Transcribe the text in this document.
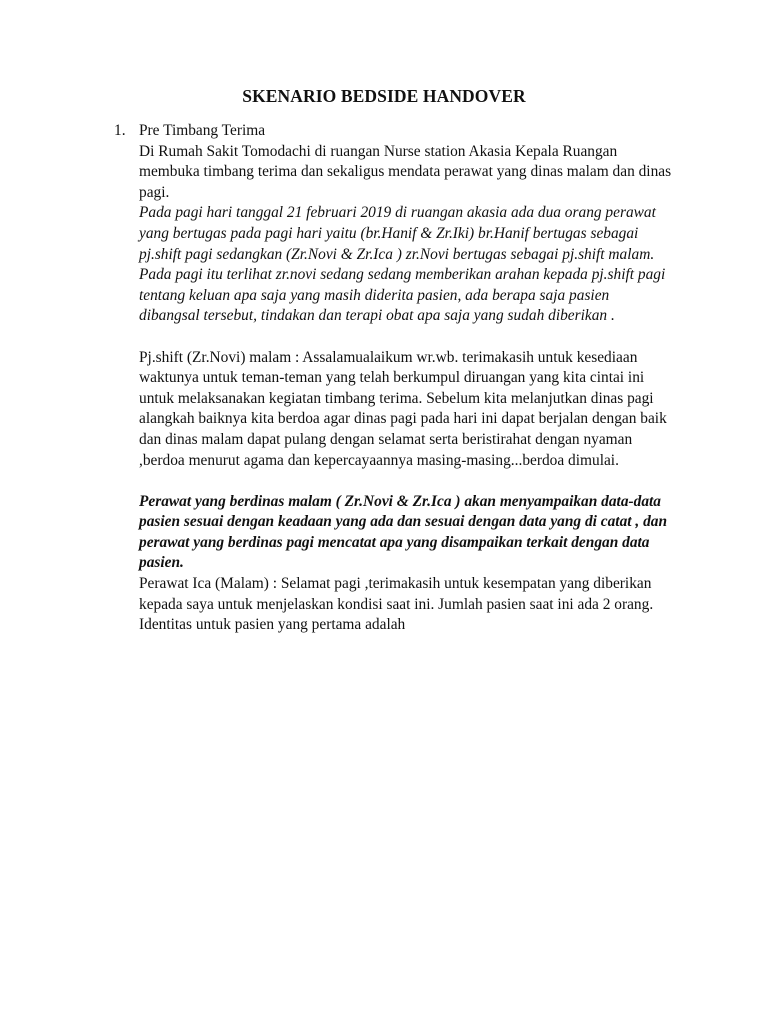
SKENARIO BEDSIDE HANDOVER
1. Pre Timbang Terima

Di Rumah Sakit Tomodachi di ruangan Nurse station Akasia Kepala Ruangan
membuka timbang terima dan sekaligus mendata perawat yang dinas malam dan dinas
pagi.

Pada pagi hari tanggal 21 februari 2019 di ruangan akasia ada dua orang perawat
yang bertugas pada pagi hari yaitu (br.Hanif & Zr.Iki) br.Hanif bertugas sebagai
pj.shift pagi sedangkan (Zr.Novi & Zr.Ica ) zr.Novi bertugas sebagai pj.shift malam.
Pada pagi itu terlihat zr.novi sedang sedang memberikan arahan kepada pj.shift pagi
tentang keluan apa saja yang masih diderita pasien, ada berapa saja pasien
dibangsal tersebut, tindakan dan terapi obat apa saja yang sudah diberikan .

Pj.shift (Zr.Novi) malam : Assalamualaikum wr.wb. terimakasih untuk kesediaan
waktunya untuk teman-teman yang telah berkumpul diruangan yang kita cintai ini
untuk melaksanakan kegiatan timbang terima. Sebelum kita melanjutkan dinas pagi
alangkah baiknya kita berdoa agar dinas pagi pada hari ini dapat berjalan dengan baik
dan dinas malam dapat pulang dengan selamat serta beristirahat dengan nyaman
,berdoa menurut agama dan kepercayaannya masing-masing...berdoa dimulai.

Perawat yang berdinas malam ( Zr.Novi & Zr.Ica ) akan menyampaikan data-data
pasien sesuai dengan keadaan yang ada dan sesuai dengan data yang di catat , dan
perawat yang berdinas pagi mencatat apa yang disampaikan terkait dengan data
pasien.

Perawat Ica (Malam) : Selamat pagi ,terimakasih untuk kesempatan yang diberikan
kepada saya untuk menjelaskan kondisi saat ini. Jumlah pasien saat ini ada 2 orang.
Identitas untuk pasien yang pertama adalah
